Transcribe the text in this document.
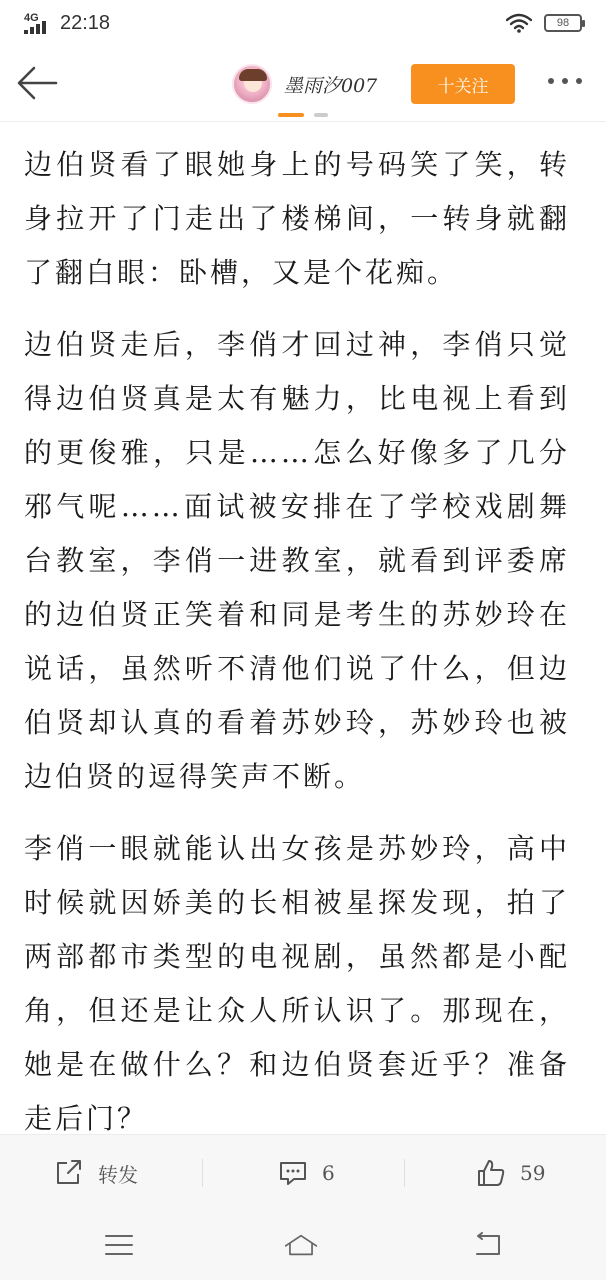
4G 22:18	98
墨雨汐007	十关注

边伯贤看了眼她身上的号码笑了笑，转身拉开了门走出了楼梯间，一转身就翻了翻白眼：卧槽，又是个花痴。

边伯贤走后，李俏才回过神，李俏只觉得边伯贤真是太有魅力，比电视上看到的更俊雅，只是……怎么好像多了几分邪气呢……面试被安排在了学校戏剧舞台教室，李俏一进教室，就看到评委席的边伯贤正笑着和同是考生的苏妙玲在说话，虽然听不清他们说了什么，但边伯贤却认真的看着苏妙玲，苏妙玲也被边伯贤的逗得笑声不断。

李俏一眼就能认出女孩是苏妙玲，高中时候就因娇美的长相被星探发现，拍了两部都市类型的电视剧，虽然都是小配角，但还是让众人所认识了。那现在，她是在做什么？和边伯贤套近乎？准备走后门？

转发	6	59
